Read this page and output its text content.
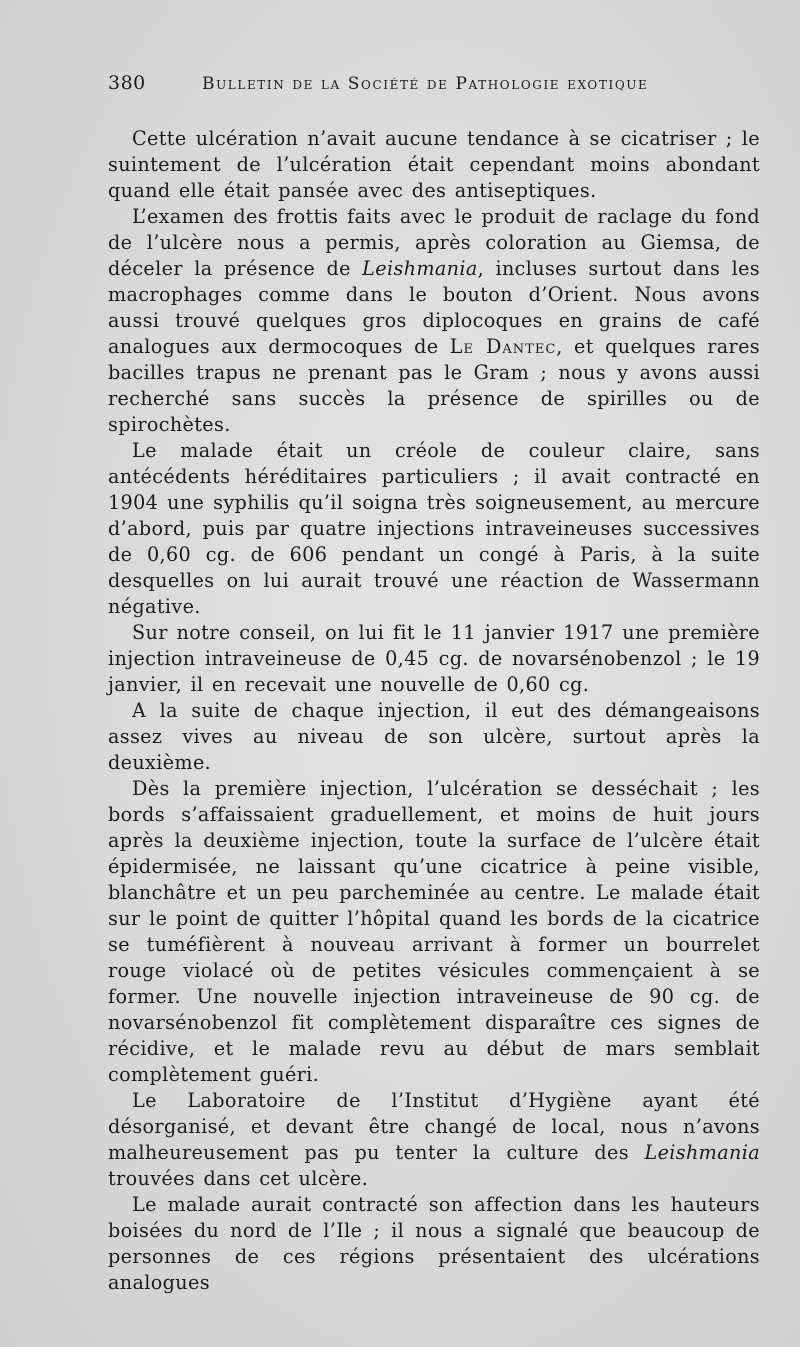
380	Bulletin de la Société de Pathologie exotique

Cette ulcération n’avait aucune tendance à se cicatriser ; le suintement de l’ulcération était cependant moins abondant quand elle était pansée avec des antiseptiques.

L’examen des frottis faits avec le produit de raclage du fond de l’ulcère nous a permis, après coloration au Giemsa, de déceler la présence de Leishmania, incluses surtout dans les macrophages comme dans le bouton d’Orient. Nous avons aussi trouvé quelques gros diplocoques en grains de café analogues aux dermocoques de Le Dantec, et quelques rares bacilles trapus ne prenant pas le Gram ; nous y avons aussi recherché sans succès la présence de spirilles ou de spirochètes.

Le malade était un créole de couleur claire, sans antécédents héréditaires particuliers ; il avait contracté en 1904 une syphilis qu’il soigna très soigneusement, au mercure d’abord, puis par quatre injections intraveineuses successives de 0,60 cg. de 606 pendant un congé à Paris, à la suite desquelles on lui aurait trouvé une réaction de Wassermann négative.

Sur notre conseil, on lui fit le 11 janvier 1917 une première injection intraveineuse de 0,45 cg. de novarsénobenzol ; le 19 janvier, il en recevait une nouvelle de 0,60 cg.

A la suite de chaque injection, il eut des démangeaisons assez vives au niveau de son ulcère, surtout après la deuxième.

Dès la première injection, l’ulcération se desséchait ; les bords s’affaissaient graduellement, et moins de huit jours après la deuxième injection, toute la surface de l’ulcère était épidermisée, ne laissant qu’une cicatrice à peine visible, blanchâtre et un peu parcheminée au centre. Le malade était sur le point de quitter l’hôpital quand les bords de la cicatrice se tuméfièrent à nouveau arrivant à former un bourrelet rouge violacé où de petites vésicules commençaient à se former. Une nouvelle injection intraveineuse de 90 cg. de novarsénobenzol fit complètement disparaître ces signes de récidive, et le malade revu au début de mars semblait complètement guéri.

Le Laboratoire de l’Institut d’Hygiène ayant été désorganisé, et devant être changé de local, nous n’avons malheureusement pas pu tenter la culture des Leishmania trouvées dans cet ulcère.

Le malade aurait contracté son affection dans les hauteurs boisées du nord de l’Ile ; il nous a signalé que beaucoup de personnes de ces régions présentaient des ulcérations analogues
